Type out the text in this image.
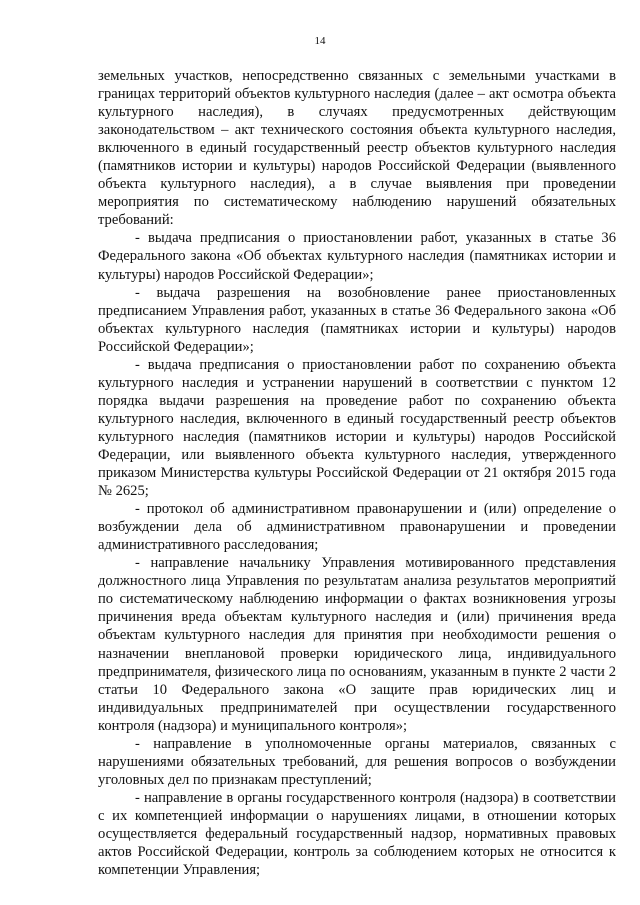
14

земельных участков, непосредственно связанных с земельными участками в границах территорий объектов культурного наследия (далее – акт осмотра объекта культурного наследия), в случаях предусмотренных действующим законодательством – акт технического состояния объекта культурного наследия, включенного в единый государственный реестр объектов культурного наследия (памятников истории и культуры) народов Российской Федерации (выявленного объекта культурного наследия), а в случае выявления при проведении мероприятия по систематическому наблюдению нарушений обязательных требований:

- выдача предписания о приостановлении работ, указанных в статье 36 Федерального закона «Об объектах культурного наследия (памятниках истории и культуры) народов Российской Федерации»;

- выдача разрешения на возобновление ранее приостановленных предписанием Управления работ, указанных в статье 36 Федерального закона «Об объектах культурного наследия (памятниках истории и культуры) народов Российской Федерации»;

- выдача предписания о приостановлении работ по сохранению объекта культурного наследия и устранении нарушений в соответствии с пунктом 12 порядка выдачи разрешения на проведение работ по сохранению объекта культурного наследия, включенного в единый государственный реестр объектов культурного наследия (памятников истории и культуры) народов Российской Федерации, или выявленного объекта культурного наследия, утвержденного приказом Министерства культуры Российской Федерации от 21 октября 2015 года № 2625;

- протокол об административном правонарушении и (или) определение о возбуждении дела об административном правонарушении и проведении административного расследования;

- направление начальнику Управления мотивированного представления должностного лица Управления по результатам анализа результатов мероприятий по систематическому наблюдению информации о фактах возникновения угрозы причинения вреда объектам культурного наследия и (или) причинения вреда объектам культурного наследия для принятия при необходимости решения о назначении внеплановой проверки юридического лица, индивидуального предпринимателя, физического лица по основаниям, указанным в пункте 2 части 2 статьи 10 Федерального закона «О защите прав юридических лиц и индивидуальных предпринимателей при осуществлении государственного контроля (надзора) и муниципального контроля»;

- направление в уполномоченные органы материалов, связанных с нарушениями обязательных требований, для решения вопросов о возбуждении уголовных дел по признакам преступлений;

- направление в органы государственного контроля (надзора) в соответствии с их компетенцией информации о нарушениях лицами, в отношении которых осуществляется федеральный государственный надзор, нормативных правовых актов Российской Федерации, контроль за соблюдением которых не относится к компетенции Управления;
